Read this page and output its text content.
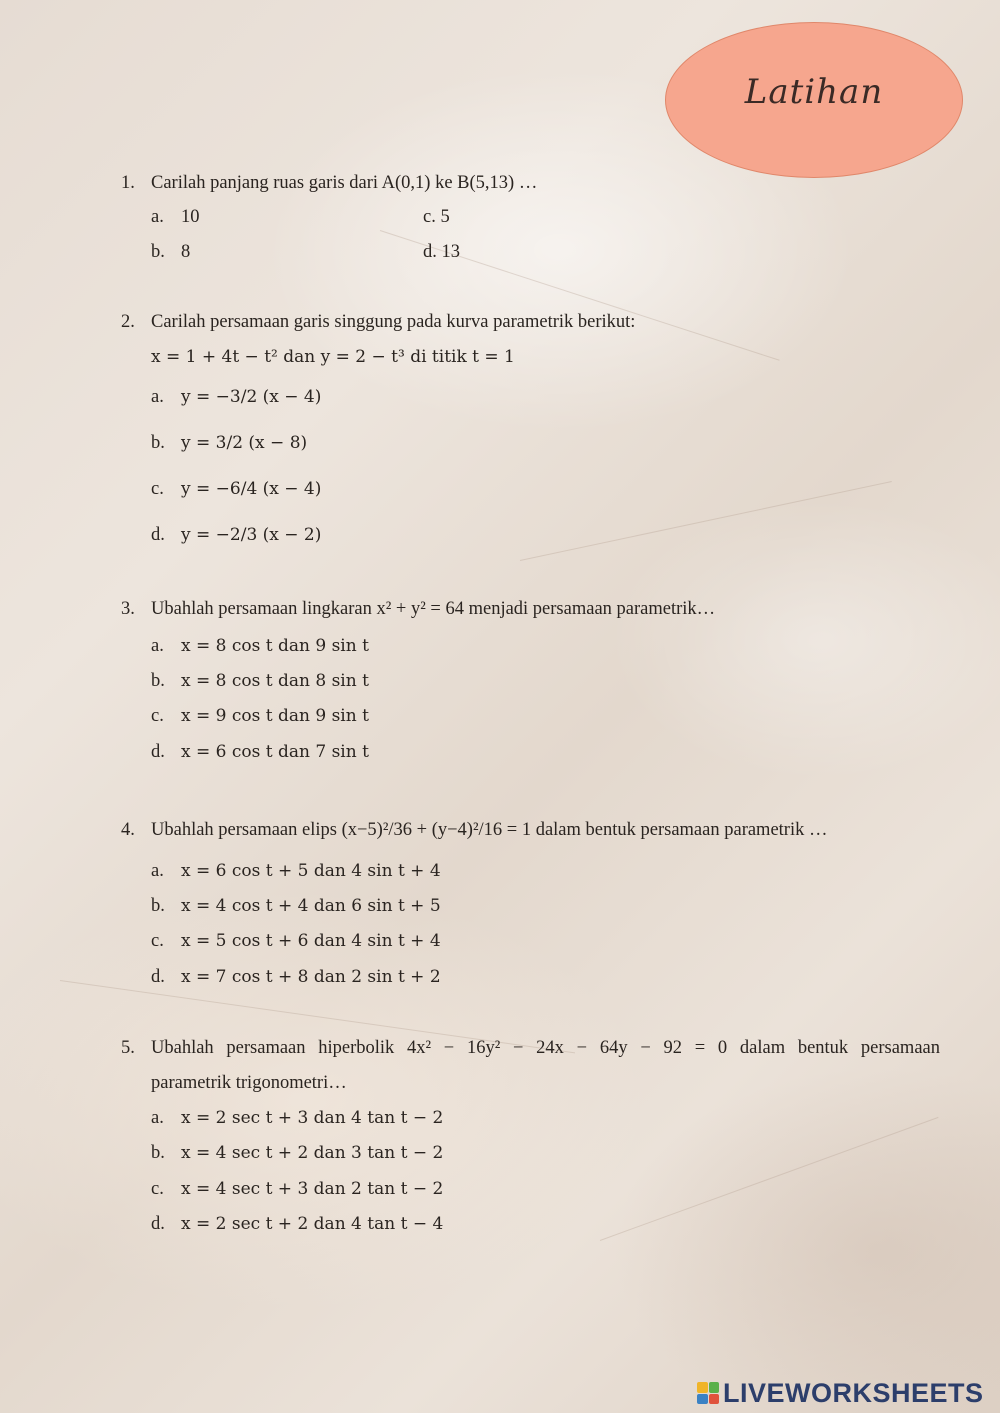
Latihan
1. Carilah panjang ruas garis dari A(0,1) ke B(5,13) …
a. 10	c. 5
b. 8	d. 13
2. Carilah persamaan garis singgung pada kurva parametrik berikut:
x = 1 + 4t − t² dan y = 2 − t³ di titik t = 1
a.	y = −3/2 (x − 4)
b. y = 3/2 (x − 8)
c.	y = −6/4 (x − 4)
d. y = −2/3 (x − 2)
3. Ubahlah persamaan lingkaran x² + y² = 64 menjadi persamaan parametrik…
a.	x = 8 cos t dan 9 sin t
b. x = 8 cos t dan 8 sin t
c.	x = 9 cos t dan 9 sin t
d. x = 6 cos t dan 7 sin t
4. Ubahlah persamaan elips (x−5)²/36 + (y−4)²/16 = 1 dalam bentuk persamaan parametrik …
a.	x = 6 cos t + 5 dan 4 sin t + 4
b. x = 4 cos t + 4 dan 6 sin t + 5
c.	x = 5 cos t + 6 dan 4 sin t + 4
d. x = 7 cos t + 8 dan 2 sin t + 2
5. Ubahlah persamaan hiperbolik 4x² − 16y² − 24x − 64y − 92 = 0 dalam bentuk persamaan
parametrik trigonometri…
a.	x = 2 sec t + 3 dan 4 tan t − 2
b. x = 4 sec t + 2 dan 3 tan t − 2
c.	x = 4 sec t + 3 dan 2 tan t − 2
d. x = 2 sec t + 2 dan 4 tan t − 4
LIVEWORKSHEETS
